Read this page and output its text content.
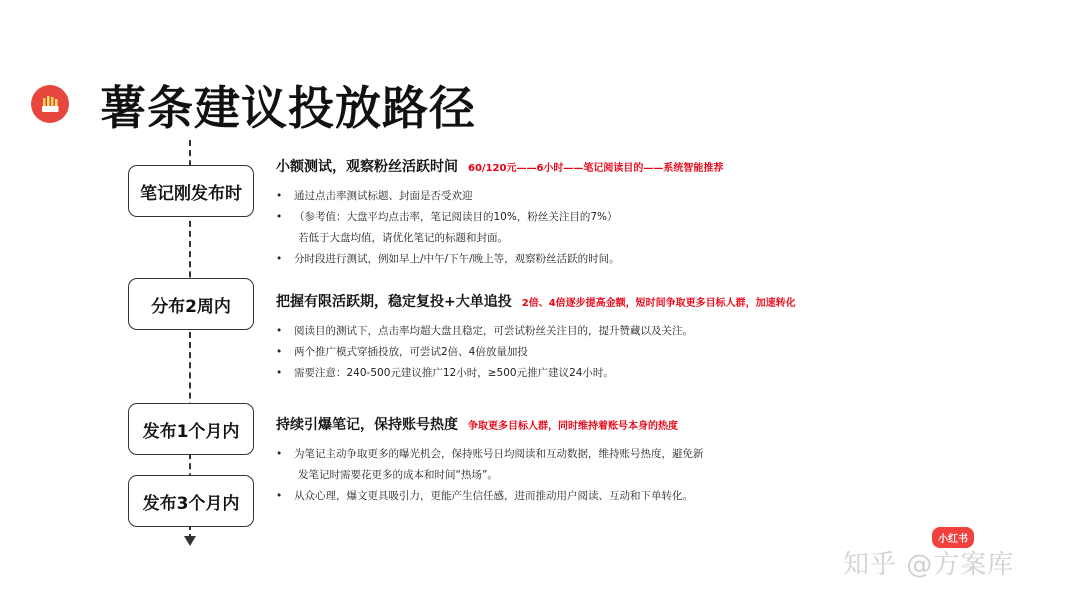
薯条建议投放路径
笔记刚发布时
分布2周内
发布1个月内
发布3个月内
小额测试，观察粉丝活跃时间 60/120元——6小时——笔记阅读目的——系统智能推荐
• 通过点击率测试标题、封面是否受欢迎
• （参考值：大盘平均点击率，笔记阅读目的10%，粉丝关注目的7%）
若低于大盘均值，请优化笔记的标题和封面。
• 分时段进行测试，例如早上/中午/下午/晚上等，观察粉丝活跃的时间。
把握有限活跃期，稳定复投+大单追投 2倍、4倍逐步提高金额，短时间争取更多目标人群，加速转化
• 阅读目的测试下，点击率均超大盘且稳定，可尝试粉丝关注目的，提升赞藏以及关注。
• 两个推广模式穿插投放，可尝试2倍、4倍放量加投
• 需要注意：240-500元建议推广12小时，≥500元推广建议24小时。
持续引爆笔记，保持账号热度 争取更多目标人群，同时维持着账号本身的热度
• 为笔记主动争取更多的曝光机会，保持账号日均阅读和互动数据，维持账号热度，避免新
发笔记时需要花更多的成本和时间“热场”。
• 从众心理，爆文更具吸引力，更能产生信任感，进而推动用户阅读、互动和下单转化。
小红书
知乎 @方案库
